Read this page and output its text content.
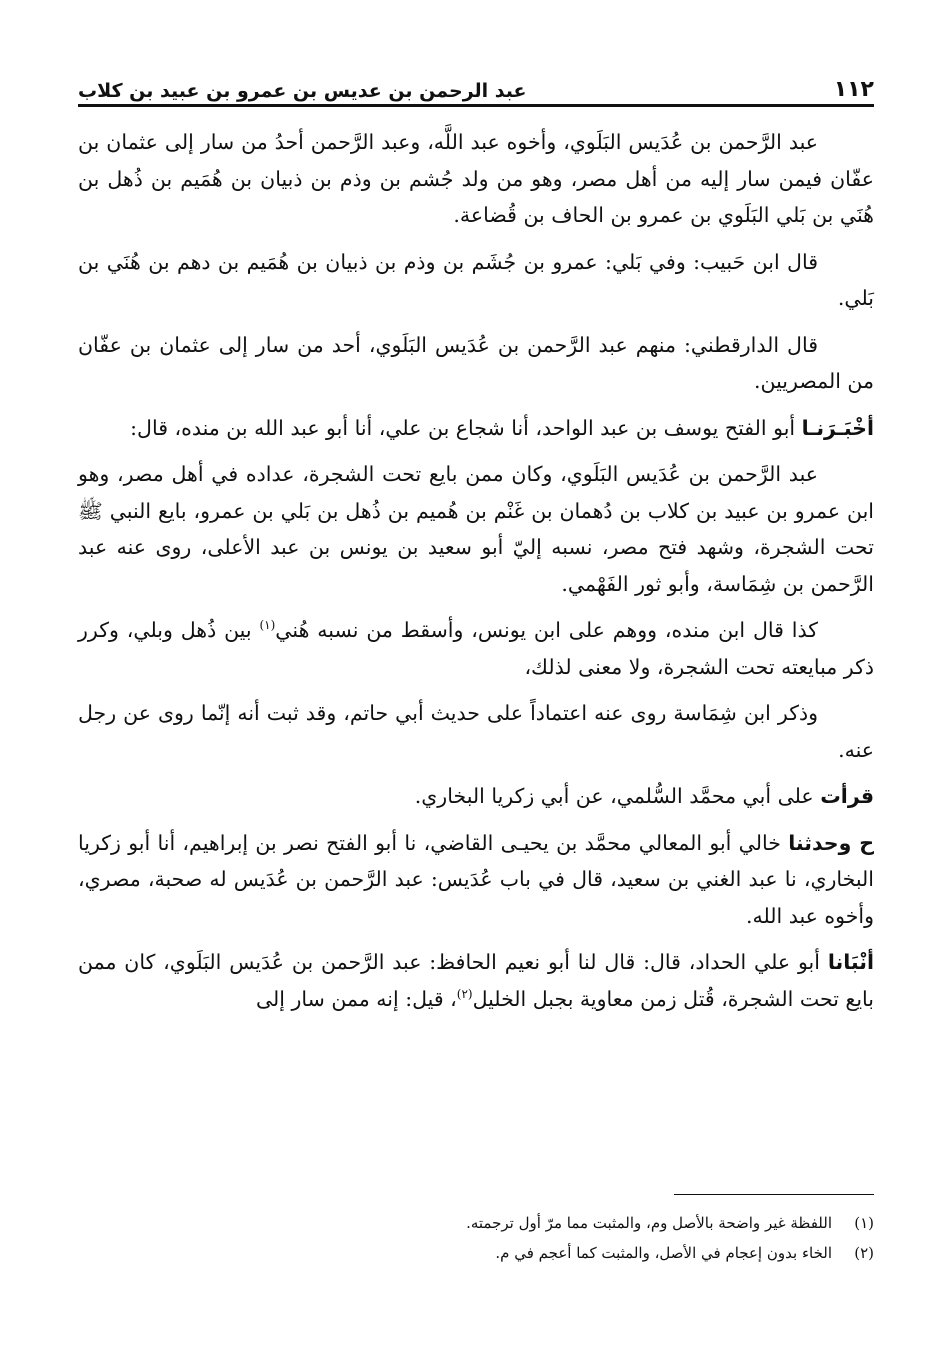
١١٢
عبد الرحمن بن عديس بن عمرو بن عبيد بن كلاب

عبد الرَّحمن بن عُدَيس البَلَوي، وأخوه عبد اللَّه، وعبد الرَّحمن أحدُ من سار إلى عثمان بن عفّان فيمن سار إليه من أهل مصر، وهو من ولد جُشم بن وذم بن ذبيان بن هُمَيم بن ذُهل بن هُنَي بن بَلي البَلَوي بن عمرو بن الحاف بن قُضاعة.

قال ابن حَبيب: وفي بَلي: عمرو بن جُشَم بن وذم بن ذبيان بن هُمَيم بن دهم بن هُنَي بن بَلي.

قال الدارقطني: منهم عبد الرَّحمن بن عُدَيس البَلَوي، أحد من سار إلى عثمان بن عفّان من المصريين.

أخْبَـرَنـا أبو الفتح يوسف بن عبد الواحد، أنا شجاع بن علي، أنا أبو عبد الله بن منده، قال:

عبد الرَّحمن بن عُدَيس البَلَوي، وكان ممن بايع تحت الشجرة، عداده في أهل مصر، وهو ابن عمرو بن عبيد بن كلاب بن دُهمان بن غَنْم بن هُميم بن ذُهل بن بَلي بن عمرو، بايع النبي ﷺ تحت الشجرة، وشهد فتح مصر، نسبه إليّ أبو سعيد بن يونس بن عبد الأعلى، روى عنه عبد الرَّحمن بن شِمَاسة، وأبو ثور الفَهْمي.

كذا قال ابن منده، ووهم على ابن يونس، وأسقط من نسبه هُني$^{(١)}$ بين ذُهل وبلي، وكرر ذكر مبايعته تحت الشجرة، ولا معنى لذلك،

وذكر ابن شِمَاسة روى عنه اعتماداً على حديث أبي حاتم، وقد ثبت أنه إنّما روى عن رجل عنه.

قرأت على أبي محمَّد السُّلمي، عن أبي زكريا البخاري.

ح وحدثنا خالي أبو المعالي محمَّد بن يحيـى القاضي، نا أبو الفتح نصر بن إبراهيم، أنا أبو زكريا البخاري، نا عبد الغني بن سعيد، قال في باب عُدَيس: عبد الرَّحمن بن عُدَيس له صحبة، مصري، وأخوه عبد الله.

أنْبَانا أبو علي الحداد، قال: قال لنا أبو نعيم الحافظ: عبد الرَّحمن بن عُدَيس البَلَوي، كان ممن بايع تحت الشجرة، قُتل زمن معاوية بجبل الخليل$^{(٢)}$، قيل: إنه ممن سار إلى

(١)
اللفظة غير واضحة بالأصل وم، والمثبت مما مرّ أول ترجمته.
(٢)
الخاء بدون إعجام في الأصل، والمثبت كما أعجم في م.
